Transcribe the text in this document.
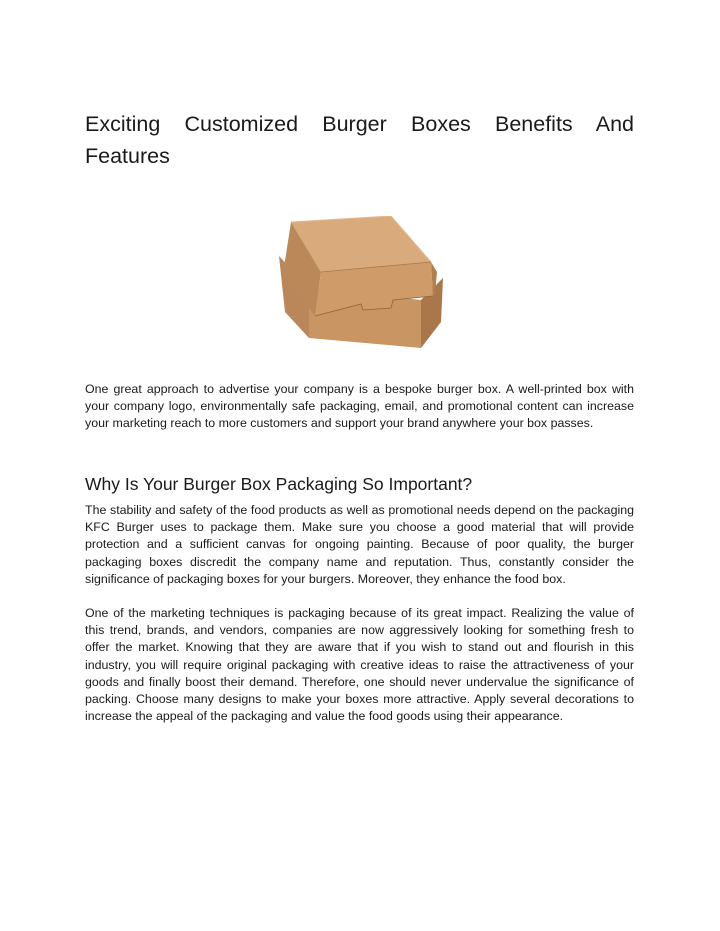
Exciting Customized Burger Boxes Benefits And
Features

One great approach to advertise your company is a bespoke burger box. A well-printed box with your company logo, environmentally safe packaging, email, and promotional content can increase your marketing reach to more customers and support your brand anywhere your box passes.

Why Is Your Burger Box Packaging So Important?

The stability and safety of the food products as well as promotional needs depend on the packaging KFC Burger uses to package them. Make sure you choose a good material that will provide protection and a sufficient canvas for ongoing painting. Because of poor quality, the burger packaging boxes discredit the company name and reputation. Thus, constantly consider the significance of packaging boxes for your burgers. Moreover, they enhance the food box.

One of the marketing techniques is packaging because of its great impact. Realizing the value of this trend, brands, and vendors, companies are now aggressively looking for something fresh to offer the market. Knowing that they are aware that if you wish to stand out and flourish in this industry, you will require original packaging with creative ideas to raise the attractiveness of your goods and finally boost their demand. Therefore, one should never undervalue the significance of packing. Choose many designs to make your boxes more attractive. Apply several decorations to increase the appeal of the packaging and value the food goods using their appearance.
